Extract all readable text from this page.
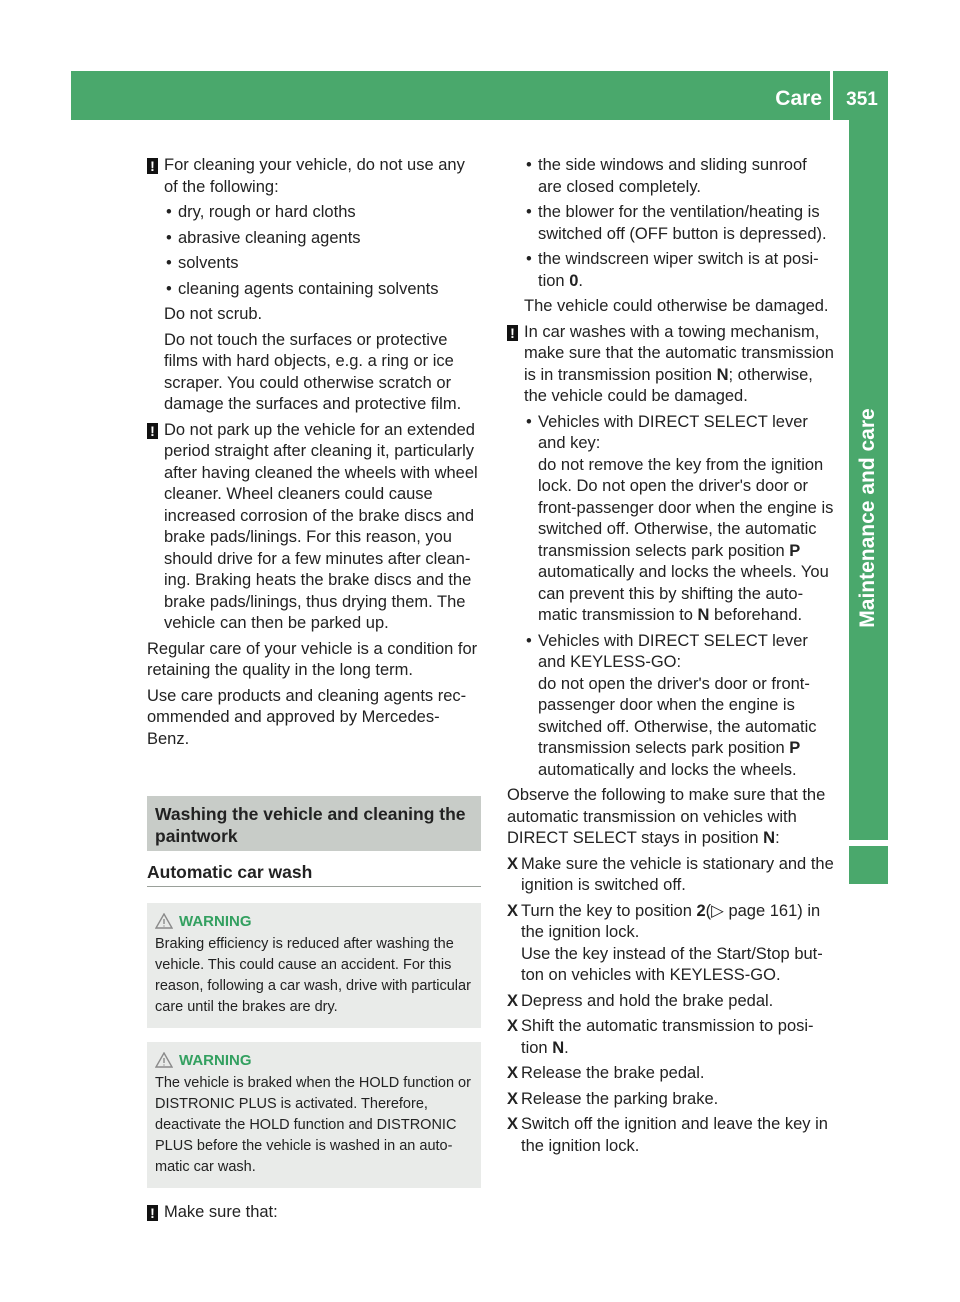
Care	351
Maintenance and care
! For cleaning your vehicle, do not use any of the following:
• dry, rough or hard cloths
• abrasive cleaning agents
• solvents
• cleaning agents containing solvents

Do not scrub.

Do not touch the surfaces or protective films with hard objects, e.g. a ring or ice scraper. You could otherwise scratch or damage the surfaces and protective film.

! Do not park up the vehicle for an extended period straight after cleaning it, particularly after having cleaned the wheels with wheel cleaner. Wheel cleaners could cause increased corrosion of the brake discs and brake pads/linings. For this reason, you should drive for a few minutes after clean-ing. Braking heats the brake discs and the brake pads/linings, thus drying them. The vehicle can then be parked up.

Regular care of your vehicle is a condition for retaining the quality in the long term.

Use care products and cleaning agents rec-ommended and approved by Mercedes-Benz.

Washing the vehicle and cleaning the paintwork
Automatic car wash
WARNING
Braking efficiency is reduced after washing the vehicle. This could cause an accident. For this reason, following a car wash, drive with particular care until the brakes are dry.
WARNING
The vehicle is braked when the HOLD function or DISTRONIC PLUS is activated. Therefore, deactivate the HOLD function and DISTRONIC PLUS before the vehicle is washed in an auto-matic car wash.
! Make sure that:
• the side windows and sliding sunroof are closed completely.
• the blower for the ventilation/heating is switched off (OFF button is depressed).
• the windscreen wiper switch is at posi-tion 0.

The vehicle could otherwise be damaged.

! In car washes with a towing mechanism, make sure that the automatic transmission is in transmission position N; otherwise, the vehicle could be damaged.
• Vehicles with DIRECT SELECT lever and key:
do not remove the key from the ignition lock. Do not open the driver's door or front-passenger door when the engine is switched off. Otherwise, the automatic transmission selects park position P automatically and locks the wheels. You can prevent this by shifting the auto-matic transmission to N beforehand.
• Vehicles with DIRECT SELECT lever and KEYLESS-GO:
do not open the driver's door or front-passenger door when the engine is switched off. Otherwise, the automatic transmission selects park position P automatically and locks the wheels.

Observe the following to make sure that the automatic transmission on vehicles with DIRECT SELECT stays in position N:

X Make sure the vehicle is stationary and the ignition is switched off.
X Turn the key to position 2(▷ page 161) in the ignition lock.
Use the key instead of the Start/Stop but-ton on vehicles with KEYLESS-GO.
X Depress and hold the brake pedal.
X Shift the automatic transmission to posi-tion N.
X Release the brake pedal.
X Release the parking brake.
X Switch off the ignition and leave the key in the ignition lock.
